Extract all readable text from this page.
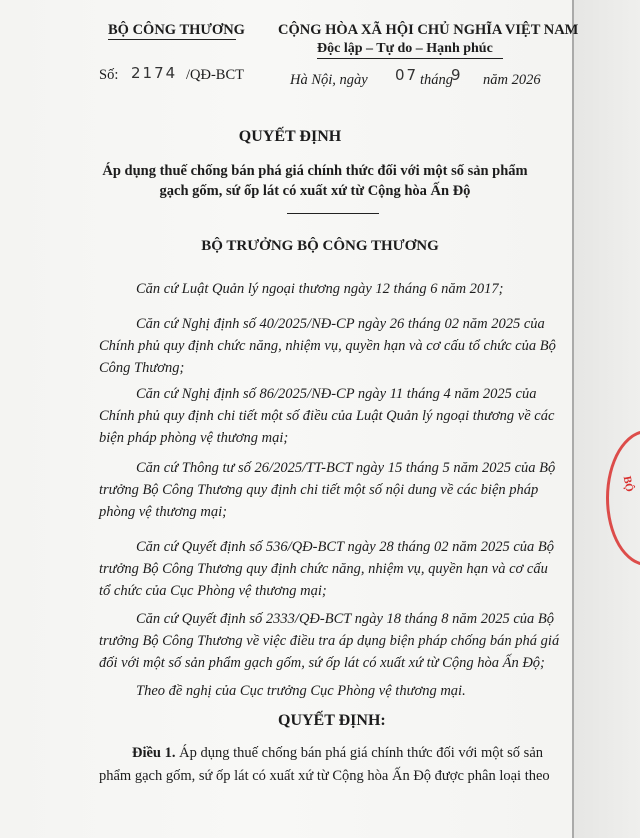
BỘ
BỘ CÔNG THƯƠNG CỘNG HÒA XÃ HỘI CHỦ NGHĨA VIỆT NAM
Độc lập – Tự do – Hạnh phúc
Số: 2174 /QĐ-BCT	Hà Nội, ngày 07 tháng
9 năm 2026
QUYẾT ĐỊNH
Áp dụng thuế chống bán phá giá chính thức đối với một số sản phẩm
gạch gốm, sứ ốp lát có xuất xứ từ Cộng hòa Ấn Độ
BỘ TRƯỞNG BỘ CÔNG THƯƠNG
Căn cứ Luật Quản lý ngoại thương ngày 12 tháng 6 năm 2017;
Căn cứ Nghị định số 40/2025/NĐ-CP ngày 26 tháng 02 năm 2025 của
Chính phủ quy định chức năng, nhiệm vụ, quyền hạn và cơ cấu tổ chức của Bộ
Công Thương;
Căn cứ Nghị định số 86/2025/NĐ-CP ngày 11 tháng 4 năm 2025 của
Chính phủ quy định chi tiết một số điều của Luật Quản lý ngoại thương về các
biện pháp phòng vệ thương mại;
Căn cứ Thông tư số 26/2025/TT-BCT ngày 15 tháng 5 năm 2025 của Bộ
trưởng Bộ Công Thương quy định chi tiết một số nội dung về các biện pháp
phòng vệ thương mại;
Căn cứ Quyết định số 536/QĐ-BCT ngày 28 tháng 02 năm 2025 của Bộ
trưởng Bộ Công Thương quy định chức năng, nhiệm vụ, quyền hạn và cơ cấu
tổ chức của Cục Phòng vệ thương mại;
Căn cứ Quyết định số 2333/QĐ-BCT ngày 18 tháng 8 năm 2025 của Bộ
trưởng Bộ Công Thương về việc điều tra áp dụng biện pháp chống bán phá giá
đối với một số sản phẩm gạch gốm, sứ ốp lát có xuất xứ từ Cộng hòa Ấn Độ;
Theo đề nghị của Cục trưởng Cục Phòng vệ thương mại.
QUYẾT ĐỊNH:
Điều 1. Áp dụng thuế chống bán phá giá chính thức đối với một số sản
phẩm gạch gốm, sứ ốp lát có xuất xứ từ Cộng hòa Ấn Độ được phân loại theo
